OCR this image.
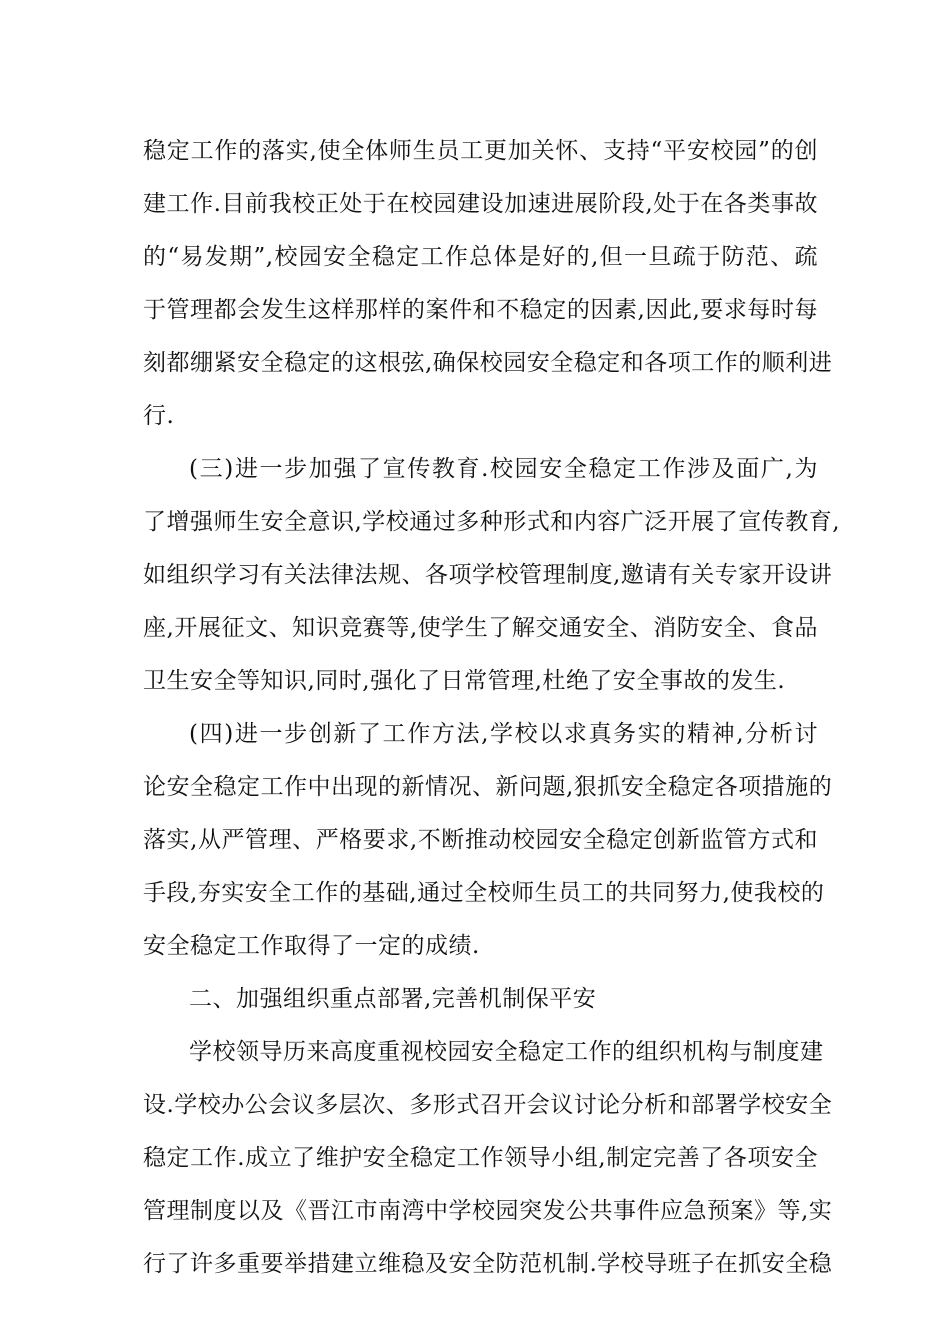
稳定工作的落实,使全体师生员工更加关怀、支持“平安校园”的创
建工作.目前我校正处于在校园建设加速进展阶段,处于在各类事故
的“易发期”,校园安全稳定工作总体是好的,但一旦疏于防范、疏
于管理都会发生这样那样的案件和不稳定的因素,因此,要求每时每
刻都绷紧安全稳定的这根弦,确保校园安全稳定和各项工作的顺利进
行.
(三)进一步加强了宣传教育.校园安全稳定工作涉及面广,为
了增强师生安全意识,学校通过多种形式和内容广泛开展了宣传教育,
如组织学习有关法律法规、各项学校管理制度,邀请有关专家开设讲
座,开展征文、知识竞赛等,使学生了解交通安全、消防安全、食品
卫生安全等知识,同时,强化了日常管理,杜绝了安全事故的发生.
(四)进一步创新了工作方法,学校以求真务实的精神,分析讨
论安全稳定工作中出现的新情况、新问题,狠抓安全稳定各项措施的
落实,从严管理、严格要求,不断推动校园安全稳定创新监管方式和
手段,夯实安全工作的基础,通过全校师生员工的共同努力,使我校的
安全稳定工作取得了一定的成绩.
二、加强组织重点部署,完善机制保平安
学校领导历来高度重视校园安全稳定工作的组织机构与制度建
设.学校办公会议多层次、多形式召开会议讨论分析和部署学校安全
稳定工作.成立了维护安全稳定工作领导小组,制定完善了各项安全
管理制度以及《晋江市南湾中学校园突发公共事件应急预案》等,实
行了许多重要举措建立维稳及安全防范机制.学校导班子在抓安全稳
